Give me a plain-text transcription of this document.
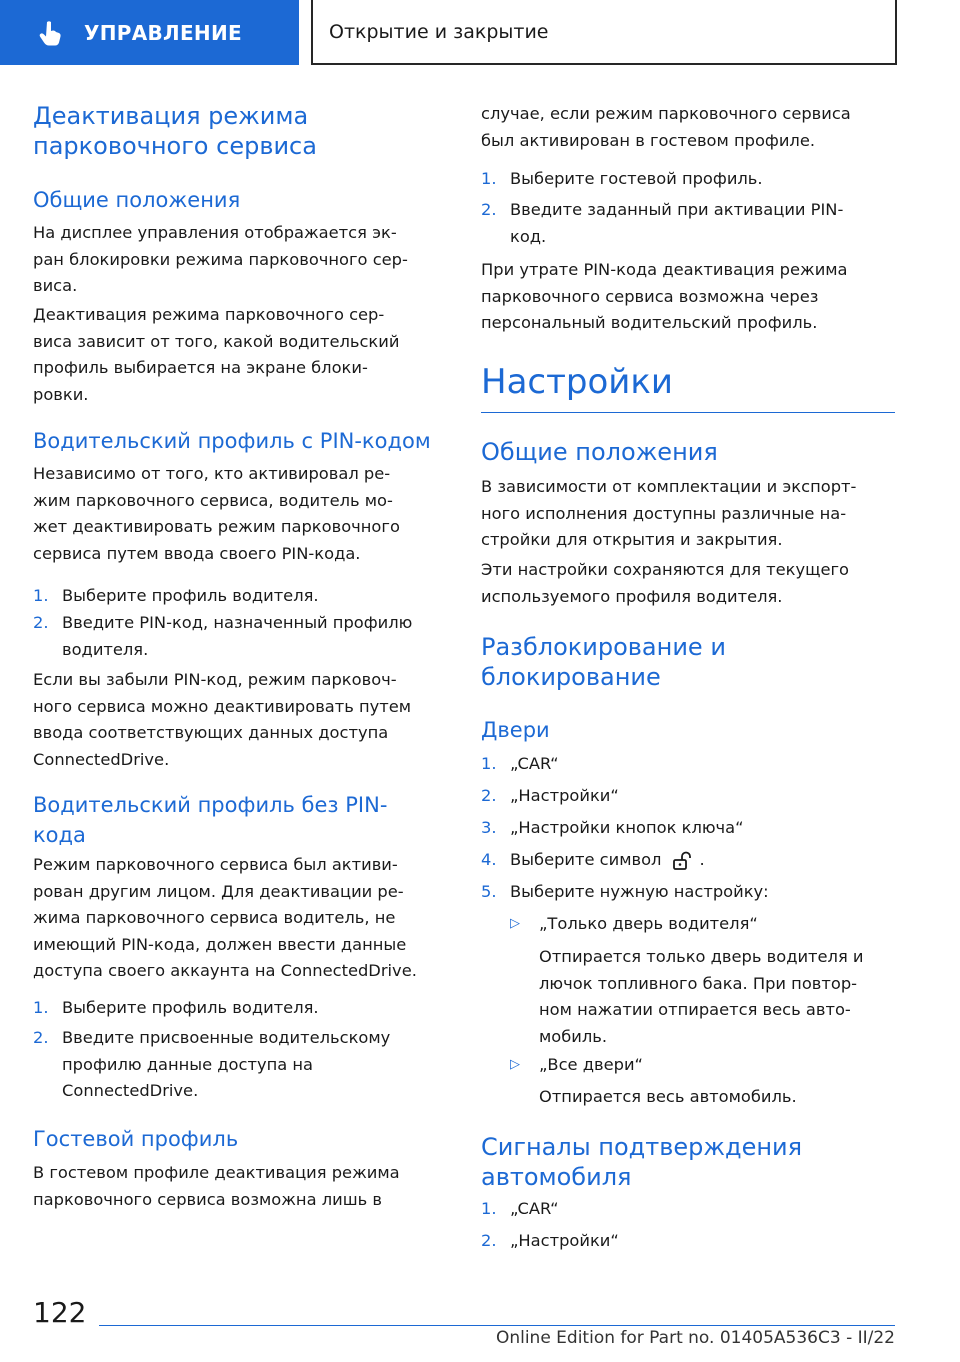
УПРАВЛЕНИЕ	Открытие и закрытие
Деактивация режима
парковочного сервиса
Общие положения

На дисплее управления отображается эк-
ран блокировки режима парковочного сер-
виса.

Деактивация режима парковочного сер-
виса зависит от того, какой водительский
профиль выбирается на экране блоки-
ровки.

Водительский профиль с PIN-кодом

Независимо от того, кто активировал ре-
жим парковочного сервиса, водитель мо-
жет деактивировать режим парковочного
сервиса путем ввода своего PIN-кода.

1. Выберите профиль водителя.
2. Введите PIN-код, назначенный профилю
водителя.

Если вы забыли PIN-код, режим парковоч-
ного сервиса можно деактивировать путем
ввода соответствующих данных доступа
ConnectedDrive.

Водительский профиль без PIN-
кода

Режим парковочного сервиса был активи-
рован другим лицом. Для деактивации ре-
жима парковочного сервиса водитель, не
имеющий PIN-кода, должен ввести данные
доступа своего аккаунта на ConnectedDrive.

1. Выберите профиль водителя.
2. Введите присвоенные водительскому
профилю данные доступа на
ConnectedDrive.
Гостевой профиль

В гостевом профиле деактивация режима
парковочного сервиса возможна лишь в

случае, если режим парковочного сервиса
был активирован в гостевом профиле.

1. Выберите гостевой профиль.
2. Введите заданный при активации PIN-
код.

При утрате PIN-кода деактивация режима
парковочного сервиса возможна через
персональный водительский профиль.

Настройки
Общие положения

В зависимости от комплектации и экспорт-
ного исполнения доступны различные на-
стройки для открытия и закрытия.

Эти настройки сохраняются для текущего
используемого профиля водителя.

Разблокирование и
блокирование
Двери
1. „CAR“
2. „Настройки“
3. „Настройки кнопок ключа“
4. Выберите символ .
5. Выберите нужную настройку:
▷ „Только дверь водителя“

Отпирается только дверь водителя и
лючок топливного бака. При повтор-
ном нажатии отпирается весь авто-
мобиль.

▷ „Все двери“

Отпирается весь автомобиль.

Сигналы подтверждения
автомобиля
1. „CAR“
2. „Настройки“
122
Online Edition for Part no. 01405A536C3 - II/22
